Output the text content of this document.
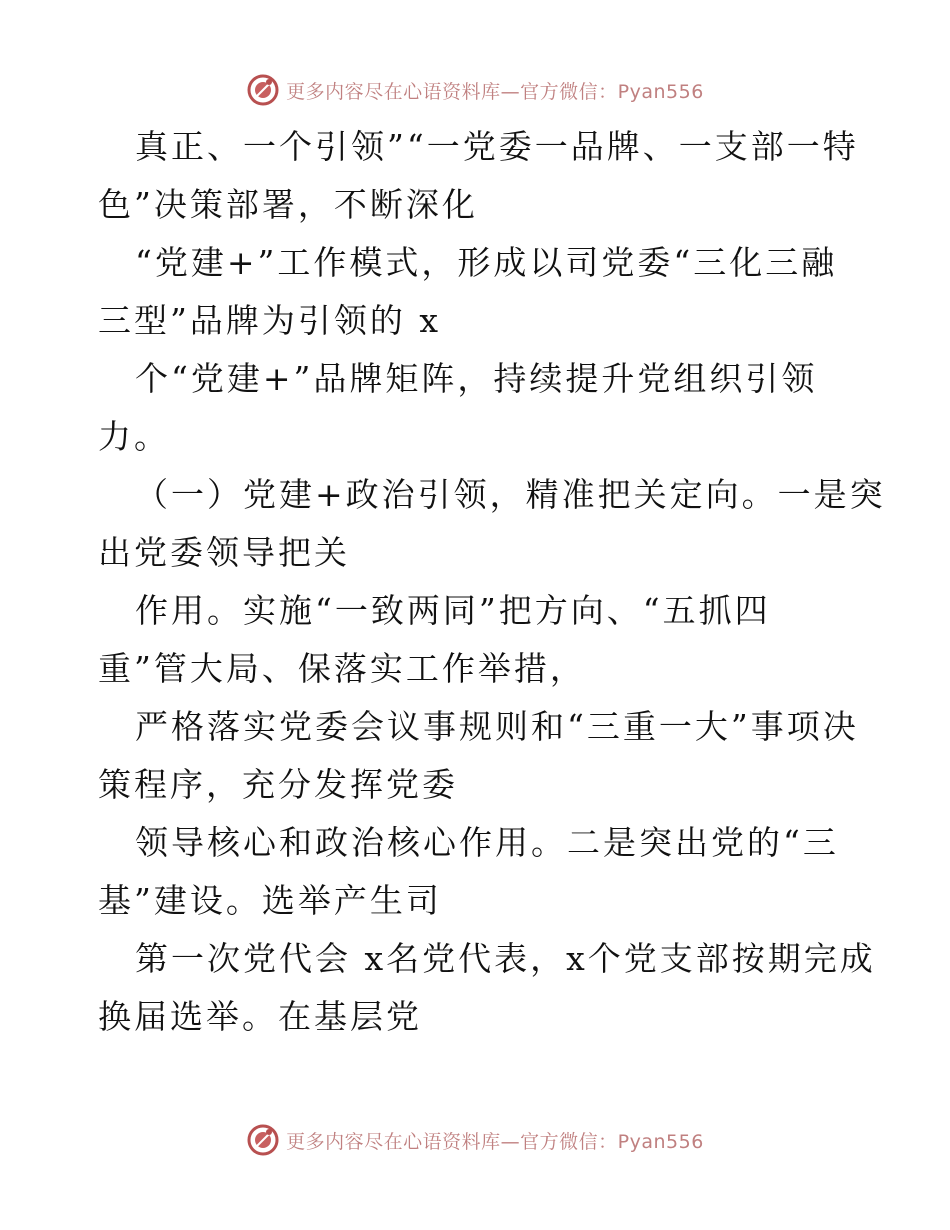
更多内容尽在心语资料库—官方微信：Pyan556
真正、一个引领”“一党委一品牌、一支部一特
色”决策部署，不断深化
“党建+”工作模式，形成以司党委“三化三融
三型”品牌为引领的 x
个“党建+”品牌矩阵，持续提升党组织引领
力。
（一）党建+政治引领，精准把关定向。一是突
出党委领导把关
作用。实施“一致两同”把方向、“五抓四
重”管大局、保落实工作举措，
严格落实党委会议事规则和“三重一大”事项决
策程序，充分发挥党委
领导核心和政治核心作用。二是突出党的“三
基”建设。选举产生司
第一次党代会 x名党代表，x个党支部按期完成
换届选举。在基层党
更多内容尽在心语资料库—官方微信：Pyan556
